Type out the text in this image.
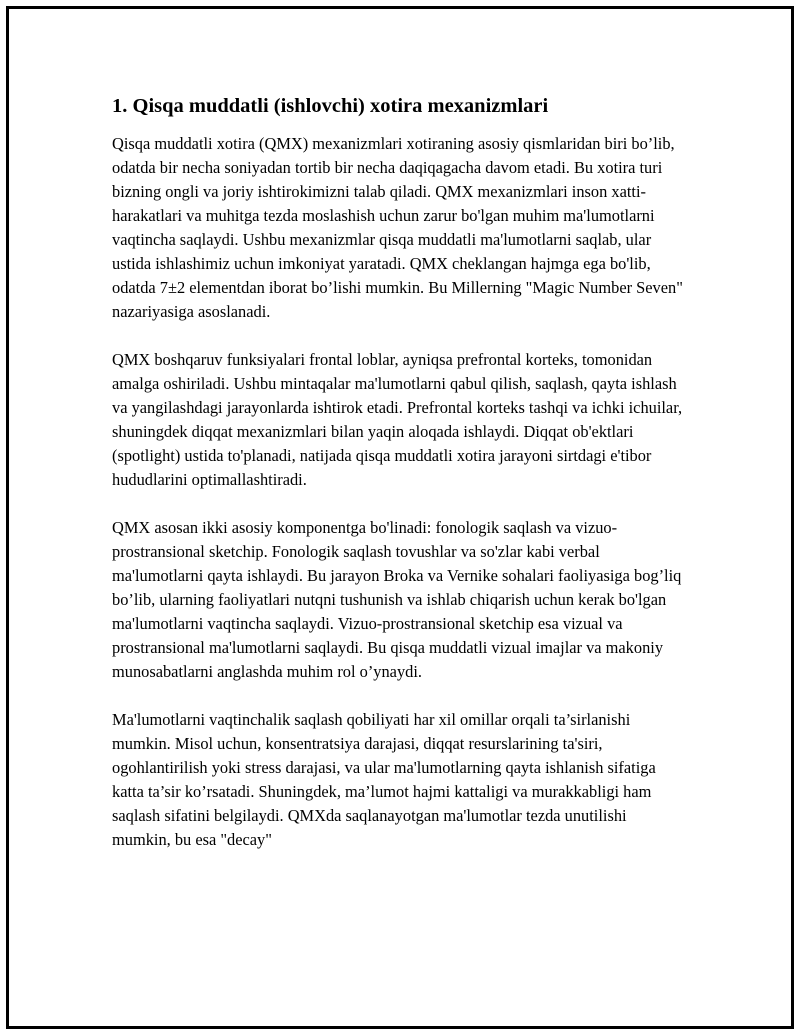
1. Qisqa muddatli (ishlovchi) xotira mexanizmlari

Qisqa muddatli xotira (QMX) mexanizmlari xotiraning asosiy qismlaridan biri bo’lib, odatda bir necha soniyadan tortib bir necha daqiqagacha davom etadi. Bu xotira turi bizning ongli va joriy ishtirokimizni talab qiladi. QMX mexanizmlari inson xatti-harakatlari va muhitga tezda moslashish uchun zarur bo'lgan muhim ma'lumotlarni vaqtincha saqlaydi. Ushbu mexanizmlar qisqa muddatli ma'lumotlarni saqlab, ular ustida ishlashimiz uchun imkoniyat yaratadi. QMX cheklangan hajmga ega bo'lib, odatda 7±2 elementdan iborat bo’lishi mumkin. Bu Millerning "Magic Number Seven" nazariyasiga asoslanadi.

QMX boshqaruv funksiyalari frontal loblar, ayniqsa prefrontal korteks, tomonidan amalga oshiriladi. Ushbu mintaqalar ma'lumotlarni qabul qilish, saqlash, qayta ishlash va yangilashdagi jarayonlarda ishtirok etadi. Prefrontal korteks tashqi va ichki ichuilar, shuningdek diqqat mexanizmlari bilan yaqin aloqada ishlaydi. Diqqat ob'ektlari (spotlight) ustida to'planadi, natijada qisqa muddatli xotira jarayoni sirtdagi e'tibor hududlarini optimallashtiradi.

QMX asosan ikki asosiy komponentga bo'linadi: fonologik saqlash va vizuo-prostransional sketchip. Fonologik saqlash tovushlar va so'zlar kabi verbal ma'lumotlarni qayta ishlaydi. Bu jarayon Broka va Vernike sohalari faoliyasiga bog’liq bo’lib, ularning faoliyatlari nutqni tushunish va ishlab chiqarish uchun kerak bo'lgan ma'lumotlarni vaqtincha saqlaydi. Vizuo-prostransional sketchip esa vizual va prostransional ma'lumotlarni saqlaydi. Bu qisqa muddatli vizual imajlar va makoniy munosabatlarni anglashda muhim rol o’ynaydi.

Ma'lumotlarni vaqtinchalik saqlash qobiliyati har xil omillar orqali ta’sirlanishi mumkin. Misol uchun, konsentratsiya darajasi, diqqat resurslarining ta'siri, ogohlantirilish yoki stress darajasi, va ular ma'lumotlarning qayta ishlanish sifatiga katta ta’sir ko’rsatadi. Shuningdek, ma’lumot hajmi kattaligi va murakkabligi ham saqlash sifatini belgilaydi. QMXda saqlanayotgan ma'lumotlar tezda unutilishi mumkin, bu esa "decay"
